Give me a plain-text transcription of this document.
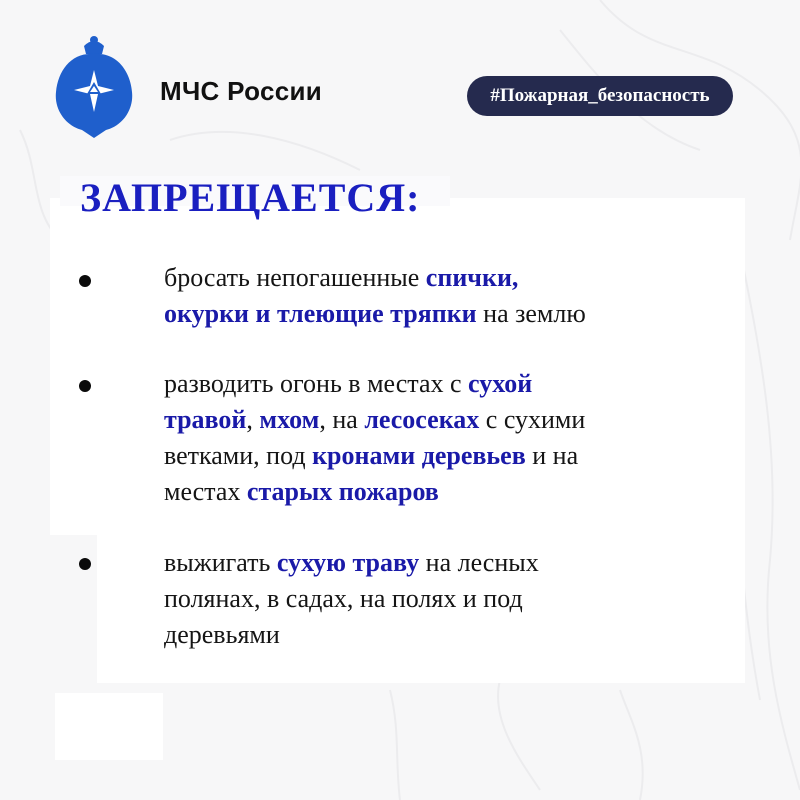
МЧС России	#Пожарная_безопасность
ЗАПРЕЩАЕТСЯ:
бросать непогашенные спички,
окурки и тлеющие тряпки на землю
разводить огонь в местах с сухой
травой, мхом, на лесосеках с сухими
ветками, под кронами деревьев и на
местах старых пожаров
выжигать сухую траву на лесных
полянах, в садах, на полях и под
деревьями
